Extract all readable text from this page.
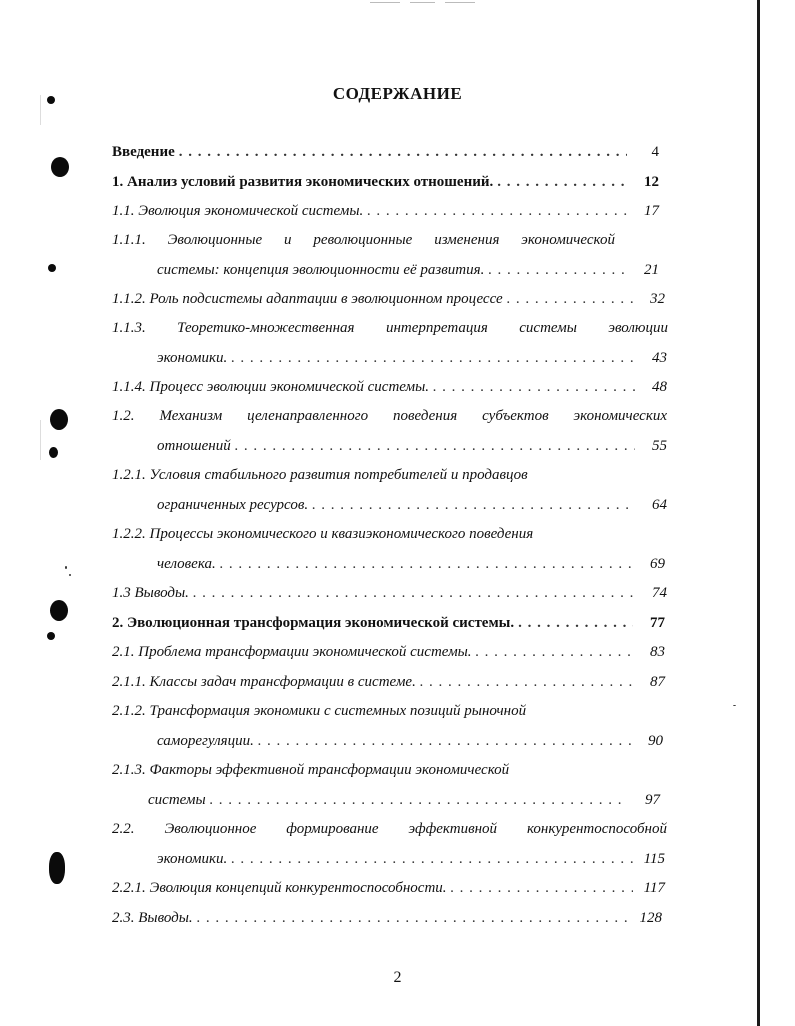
СОДЕРЖАНИЕ
Введение . . .	4
1. Анализ условий развития экономических отношений. . . .	12
1.1. Эволюция экономической системы. . . .	17
1.1.1. Эволюционные и революционные изменения экономической
системы: концепция эволюционности её развития. . . .	21
1.1.2. Роль подсистемы адаптации в эволюционном процессе . . .	32
1.1.3. Теоретико-множественная интерпретация системы эволюции
экономики. . . .	43
1.1.4. Процесс эволюции экономической системы. . . .	48
1.2. Механизм целенаправленного поведения субъектов экономических
отношений . . .	55
1.2.1. Условия стабильного развития потребителей и продавцов
ограниченных ресурсов. . . .	64
1.2.2. Процессы экономического и квазиэкономического поведения
человека. . . .	69
1.3 Выводы. . . .	74
2. Эволюционная трансформация экономической системы. . . .	77
2.1. Проблема трансформации экономической системы. . . .	83
2.1.1. Классы задач трансформации в системе. . . .	87
2.1.2. Трансформация экономики с системных позиций рыночной
саморегуляции. . . .	90
2.1.3. Факторы эффективной трансформации экономической
системы . . .	97
2.2. Эволюционное формирование эффективной конкурентоспособной
экономики. . . .	115
2.2.1. Эволюция концепций конкурентоспособности. . . .	117
2.3. Выводы. . . .	128
2
